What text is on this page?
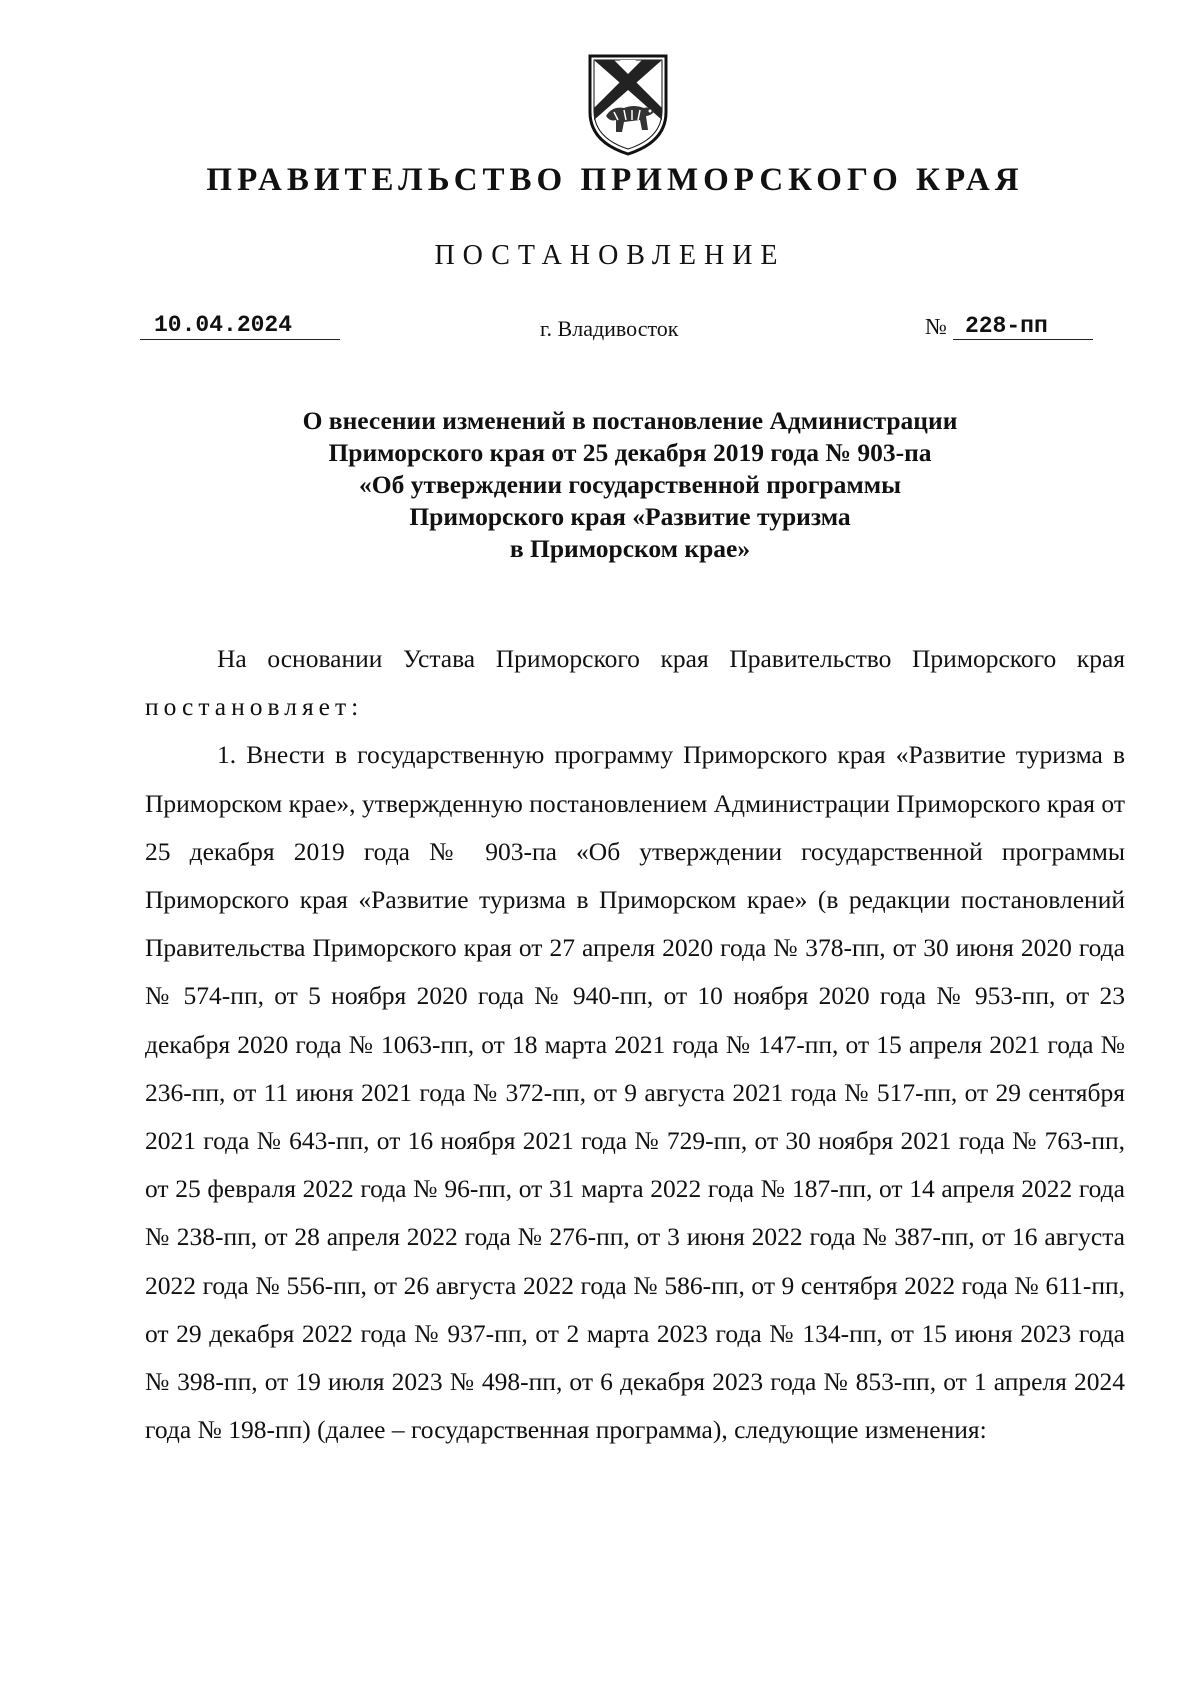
ПРАВИТЕЛЬСТВО ПРИМОРСКОГО КРАЯ
ПОСТАНОВЛЕНИЕ
10.04.2024	г. Владивосток	№ 228-пп
О внесении изменений в постановление Администрации
Приморского края от 25 декабря 2019 года № 903-па
«Об утверждении государственной программы
Приморского края «Развитие туризма
в Приморском крае»

На основании Устава Приморского края Правительство Приморского края постановляет:

1. Внести в государственную программу Приморского края «Развитие туризма в Приморском крае», утвержденную постановлением Администрации Приморского края от 25 декабря 2019 года № 903-па «Об утверждении государственной программы Приморского края «Развитие туризма в Приморском крае» (в редакции постановлений Правительства Приморского края от 27 апреля 2020 года № 378-пп, от 30 июня 2020 года № 574-пп, от 5 ноября 2020 года № 940-пп, от 10 ноября 2020 года № 953-пп, от 23 декабря 2020 года № 1063-пп, от 18 марта 2021 года № 147-пп, от 15 апреля 2021 года № 236-пп, от 11 июня 2021 года № 372-пп, от 9 августа 2021 года № 517-пп, от 29 сентября 2021 года № 643-пп, от 16 ноября 2021 года № 729-пп, от 30 ноября 2021 года № 763-пп, от 25 февраля 2022 года № 96-пп, от 31 марта 2022 года № 187-пп, от 14 апреля 2022 года № 238-пп, от 28 апреля 2022 года № 276-пп, от 3 июня 2022 года № 387-пп, от 16 августа 2022 года № 556-пп, от 26 августа 2022 года № 586-пп, от 9 сентября 2022 года № 611-пп, от 29 декабря 2022 года № 937-пп, от 2 марта 2023 года № 134-пп, от 15 июня 2023 года № 398-пп, от 19 июля 2023 № 498-пп, от 6 декабря 2023 года № 853-пп, от 1 апреля 2024 года № 198-пп) (далее – государственная программа), следующие изменения:
